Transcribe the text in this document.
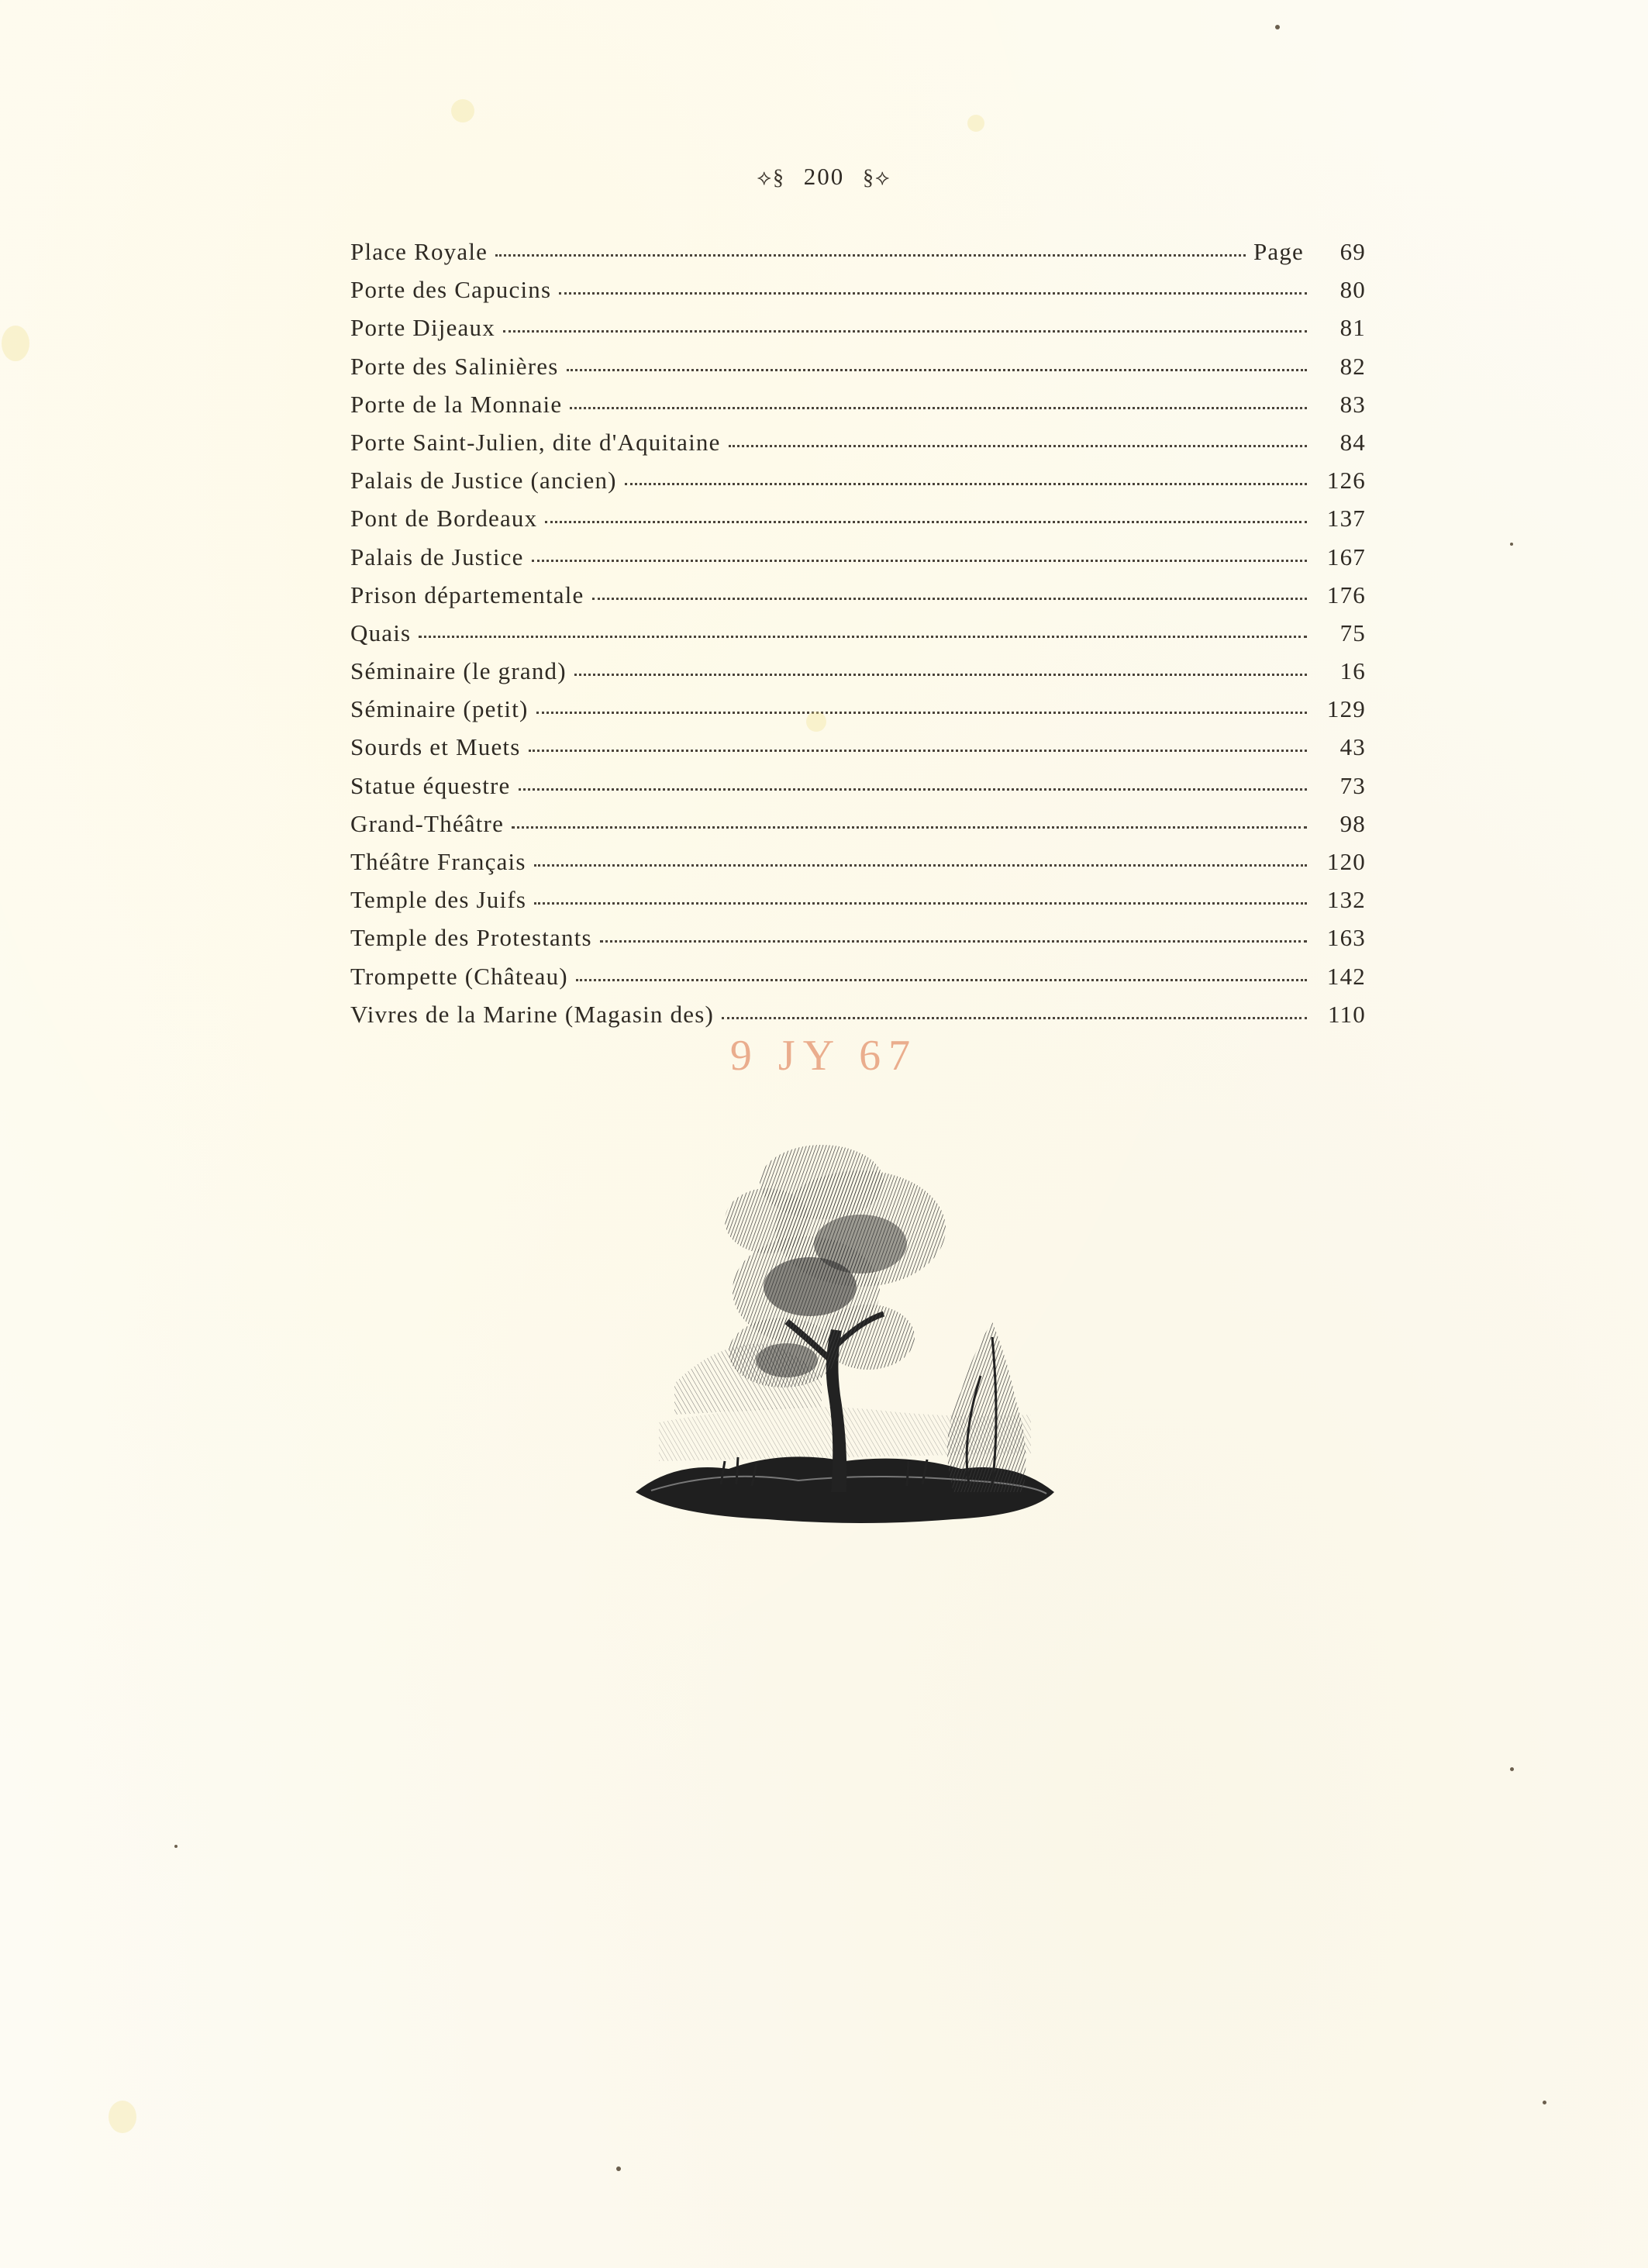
⟡§ 200 §⟡
Place Royale	Page	69
Porte des Capucins	80
Porte Dijeaux	81
Porte des Salinières	82
Porte de la Monnaie	83
Porte Saint-Julien, dite d'Aquitaine	84
Palais de Justice (ancien)	126
Pont de Bordeaux	137
Palais de Justice	167
Prison départementale	176
Quais	75
Séminaire (le grand)	16
Séminaire (petit)	129
Sourds et Muets	43
Statue équestre	73
Grand-Théâtre	98
Théâtre Français	120
Temple des Juifs	132
Temple des Protestants	163
Trompette (Château)	142
Vivres de la Marine (Magasin des)	110
9 JY 67
